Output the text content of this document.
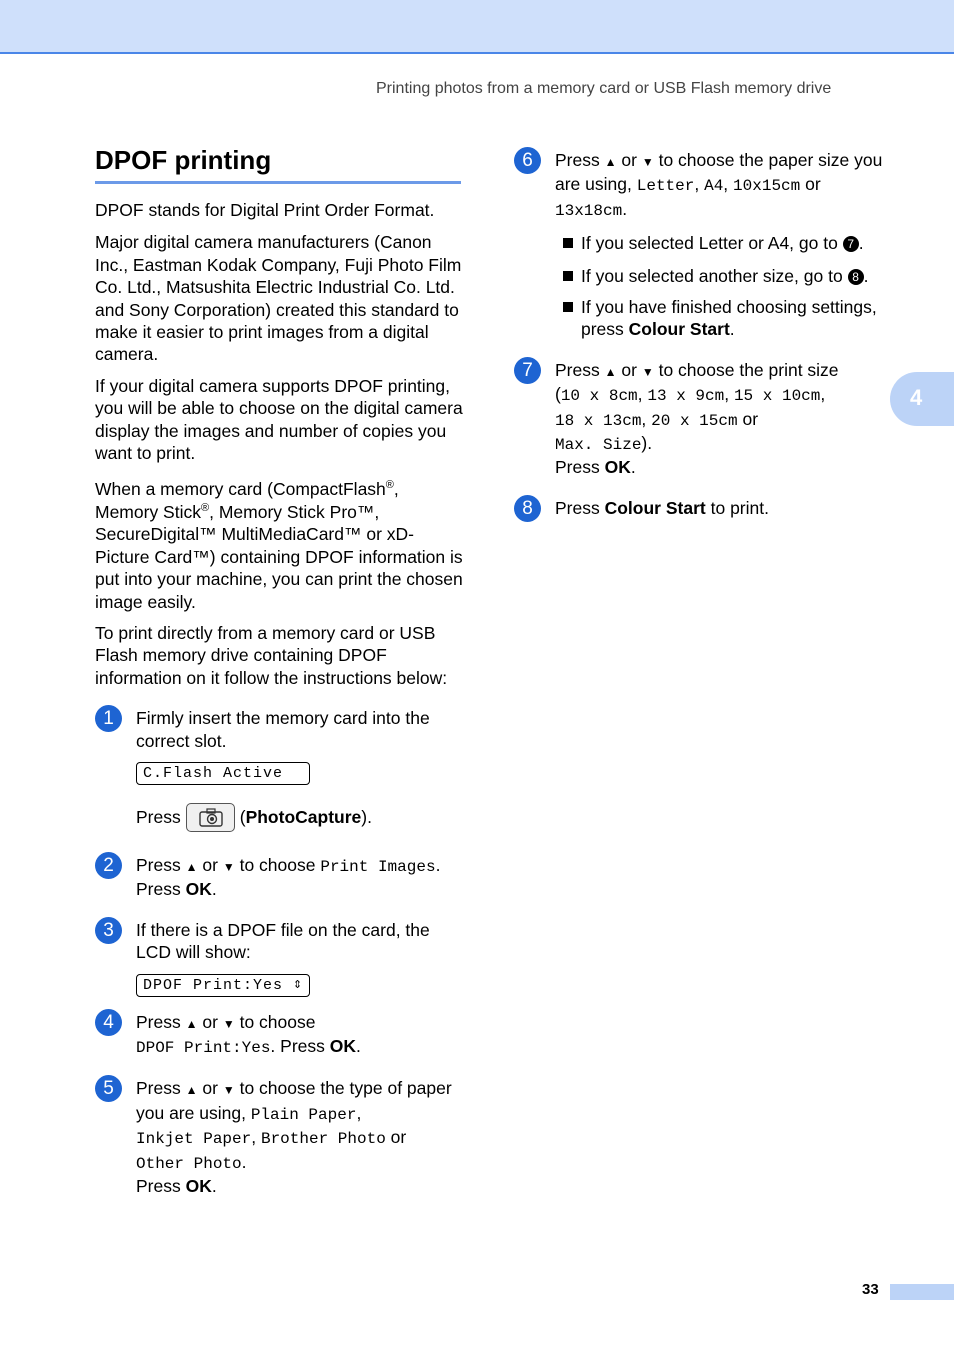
Printing photos from a memory card or USB Flash memory drive
4
DPOF printing

DPOF stands for Digital Print Order Format.

Major digital camera manufacturers (Canon Inc., Eastman Kodak Company, Fuji Photo Film Co. Ltd., Matsushita Electric Industrial Co. Ltd. and Sony Corporation) created this standard to make it easier to print images from a digital camera.

If your digital camera supports DPOF printing, you will be able to choose on the digital camera display the images and number of copies you want to print.

When a memory card (CompactFlash®, Memory Stick®, Memory Stick Pro™, SecureDigital™ MultiMediaCard™ or xD-Picture Card™) containing DPOF information is put into your machine, you can print the chosen image easily.

To print directly from a memory card or USB Flash memory drive containing DPOF information on it follow the instructions below:

1	Firmly insert the memory card into the correct slot.

C.Flash Active
Press	(PhotoCapture).
2	Press ▲ or ▼ to choose Print Images.
Press OK.

3	If there is a DPOF file on the card, the LCD will show:

DPOF Print:Yes ⇕
4	Press ▲ or ▼ to choose
DPOF Print:Yes. Press OK.

5	Press ▲ or ▼ to choose the type of paper you are using, Plain Paper,
Inkjet Paper, Brother Photo or
Other Photo.
Press OK.

6	Press ▲ or ▼ to choose the paper size you are using, Letter, A4, 10x15cm or
13x18cm.

If you selected Letter or A4, go to 7 .

If you selected another size, go to 8 .

If you have finished choosing settings, press Colour Start.

7	Press ▲ or ▼ to choose the print size
(10 x 8cm, 13 x 9cm, 15 x 10cm,
18 x 13cm, 20 x 15cm or
Max. Size).
Press OK.

8	Press Colour Start to print.

33
